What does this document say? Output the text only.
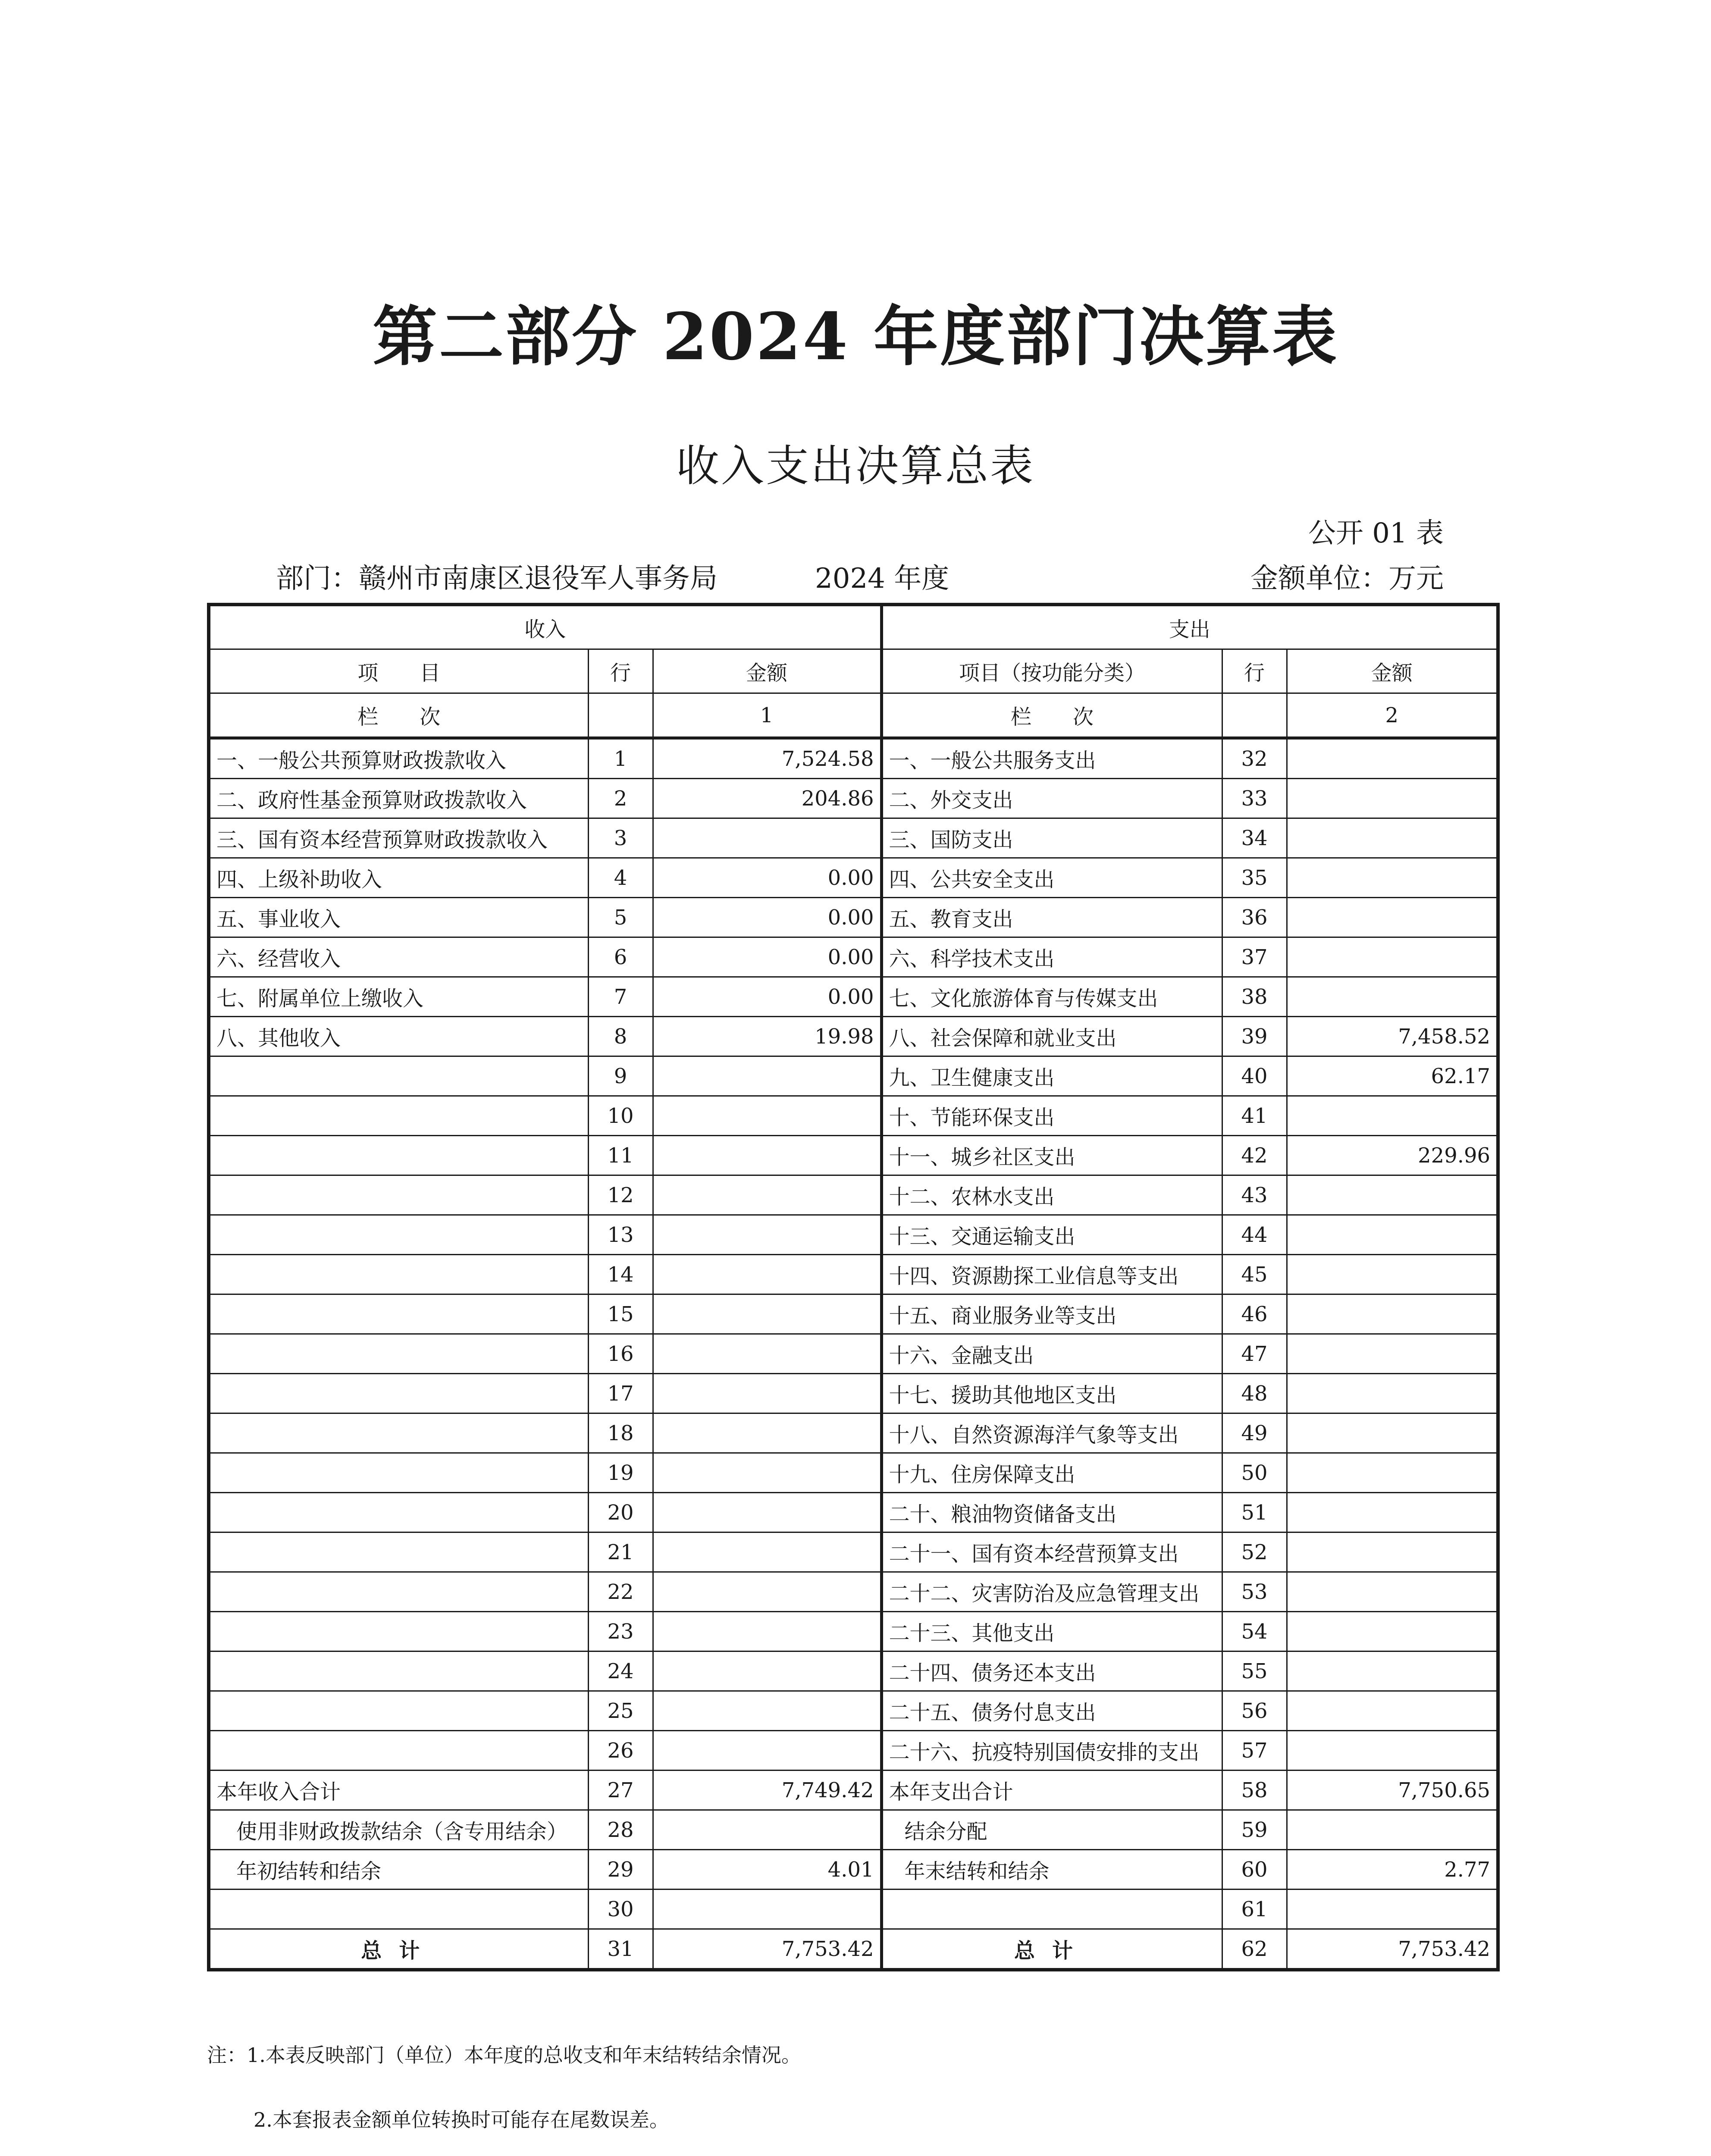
第二部分 2024 年度部门决算表
收入支出决算总表
公开 01 表
部门：赣州市南康区退役军人事务局	2024 年度	金额单位：万元
收入			支出		
项　　目	行	金额	项目（按功能分类）	行	金额
栏　　次		1	栏　　次		2
一、一般公共预算财政拨款收入	1	7,524.58	一、一般公共服务支出	32	
二、政府性基金预算财政拨款收入	2	204.86	二、外交支出	33	
三、国有资本经营预算财政拨款收入	3		三、国防支出	34	
四、上级补助收入	4	0.00	四、公共安全支出	35	
五、事业收入	5	0.00	五、教育支出	36	
六、经营收入	6	0.00	六、科学技术支出	37	
七、附属单位上缴收入	7	0.00	七、文化旅游体育与传媒支出	38	
八、其他收入	8	19.98	八、社会保障和就业支出	39	7,458.52
	9		九、卫生健康支出	40	62.17
	10		十、节能环保支出	41	
	11		十一、城乡社区支出	42	229.96
	12		十二、农林水支出	43	
	13		十三、交通运输支出	44	
	14		十四、资源勘探工业信息等支出	45	
	15		十五、商业服务业等支出	46	
	16		十六、金融支出	47	
	17		十七、援助其他地区支出	48	
	18		十八、自然资源海洋气象等支出	49	
	19		十九、住房保障支出	50	
	20		二十、粮油物资储备支出	51	
	21		二十一、国有资本经营预算支出	52	
	22		二十二、灾害防治及应急管理支出	53	
	23		二十三、其他支出	54	
	24		二十四、债务还本支出	55	
	25		二十五、债务付息支出	56	
	26		二十六、抗疫特别国债安排的支出	57	
本年收入合计	27	7,749.42	本年支出合计	58	7,750.65
使用非财政拨款结余（含专用结余）	28		结余分配	59	
年初结转和结余	29	4.01	年末结转和结余	60	2.77
	30			61	
总计	31	7,753.42	总计	62	7,753.42
注：1.本表反映部门（单位）本年度的总收支和年末结转结余情况。
2.本套报表金额单位转换时可能存在尾数误差。
